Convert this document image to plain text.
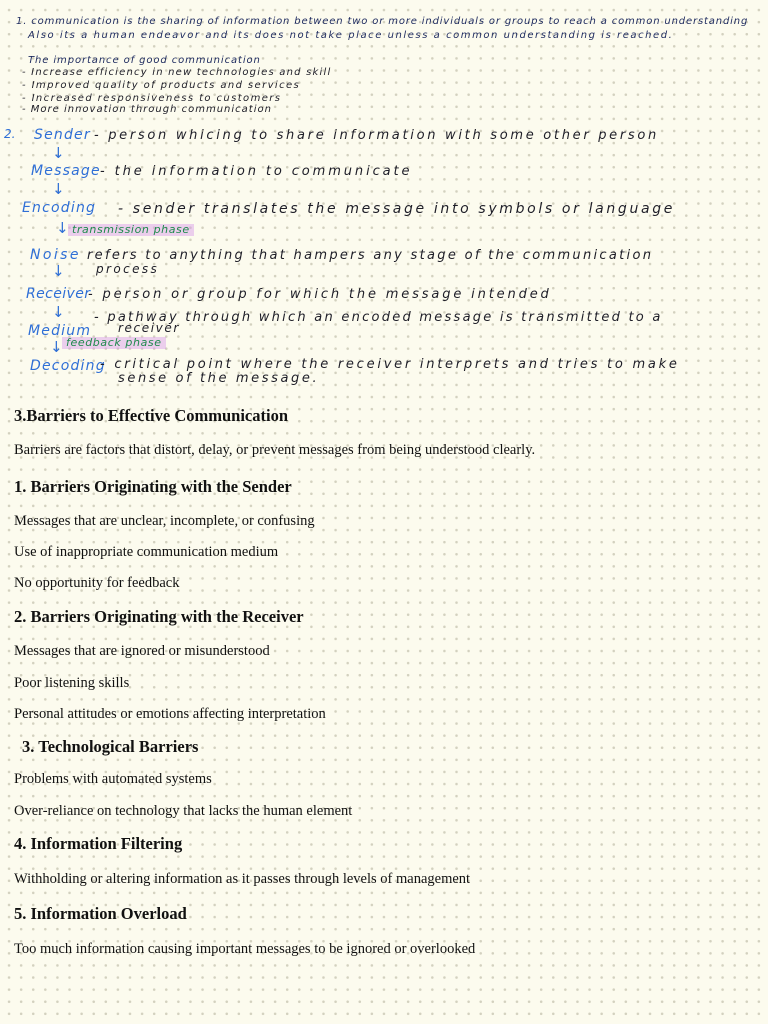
1. communication is the sharing of information between two or more individuals or groups to reach a common understanding
Also its a human endeavor and its does not take place unless a common understanding is reached.
The importance of good communication
- Increase efficiency in new technologies and skill
- Improved quality of products and services
- Increased responsiveness to customers
- More innovation through communication
2. Sender - person whicing to share information with some other person
↓
Message - the information to communicate
↓
Encoding - sender translates the message into symbols or language
↓ transmission phase
Noise refers to anything that hampers any stage of the communication
process
↓
Receiver
- person or group for which the message intended
↓ - pathway through which an encoded message is transmitted to a
receiver
Medium
↓ feedback phase
Decoding
- critical point where the receiver interprets and tries to make
sense of the message.
3.Barriers to Effective Communication
Barriers are factors that distort, delay, or prevent messages from being understood clearly.
1. Barriers Originating with the Sender
Messages that are unclear, incomplete, or confusing
Use of inappropriate communication medium
No opportunity for feedback
2. Barriers Originating with the Receiver
Messages that are ignored or misunderstood
Poor listening skills
Personal attitudes or emotions affecting interpretation
3. Technological Barriers
Problems with automated systems
Over-reliance on technology that lacks the human element
4. Information Filtering
Withholding or altering information as it passes through levels of management
5. Information Overload
Too much information causing important messages to be ignored or overlooked
